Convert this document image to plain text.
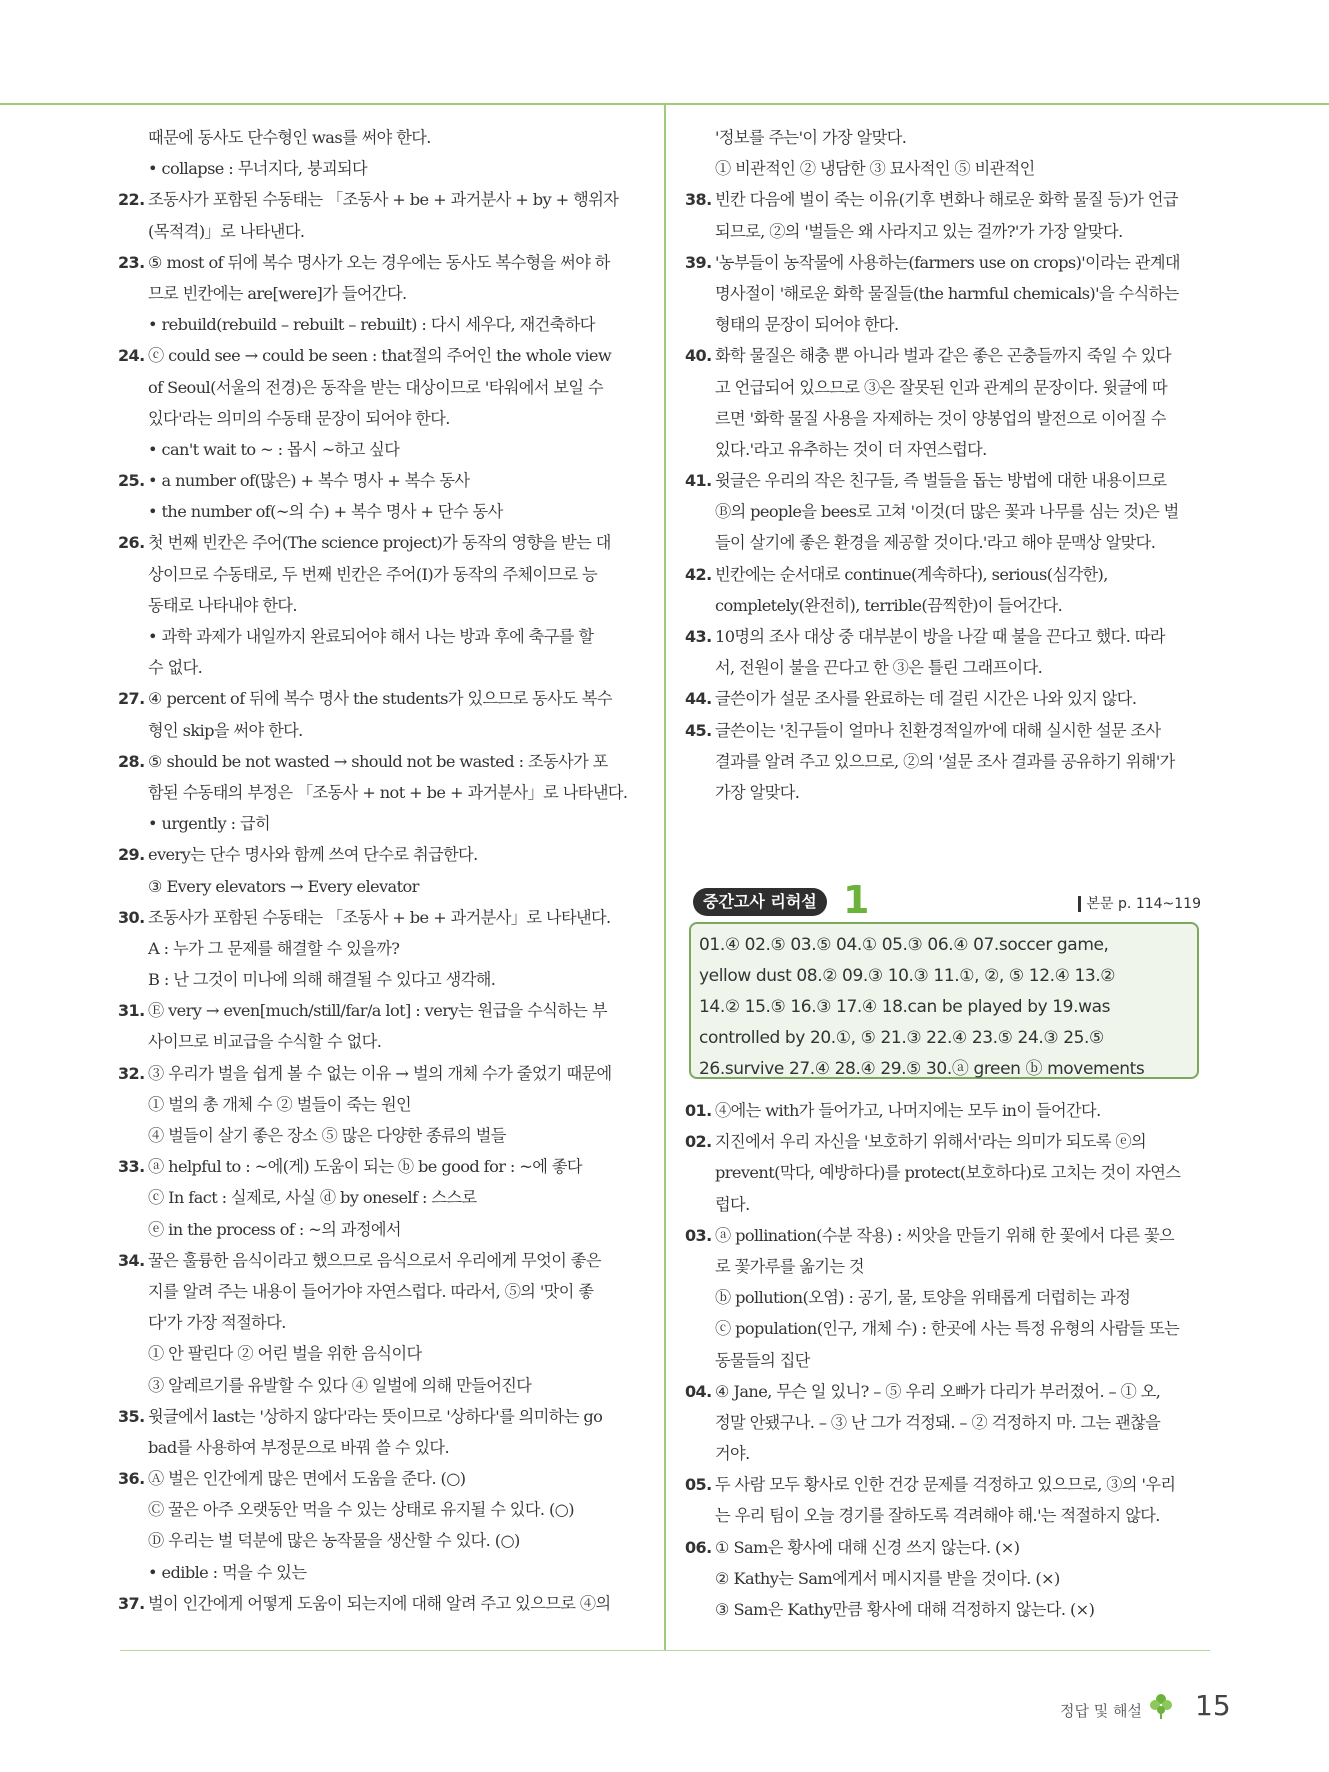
때문에 동사도 단수형인 was를 써야 한다.
• collapse : 무너지다, 붕괴되다
22. 조동사가 포함된 수동태는 「조동사 + be + 과거분사 + by + 행위자
(목적격)」로 나타낸다.
23. ⑤ most of 뒤에 복수 명사가 오는 경우에는 동사도 복수형을 써야 하
므로 빈칸에는 are[were]가 들어간다.
• rebuild(rebuild – rebuilt – rebuilt) : 다시 세우다, 재건축하다
24. ⓒ could see → could be seen : that절의 주어인 the whole view
of Seoul(서울의 전경)은 동작을 받는 대상이므로 '타워에서 보일 수
있다'라는 의미의 수동태 문장이 되어야 한다.
• can't wait to ~ : 몹시 ~하고 싶다
25. • a number of(많은) + 복수 명사 + 복수 동사
• the number of(~의 수) + 복수 명사 + 단수 동사
26. 첫 번째 빈칸은 주어(The science project)가 동작의 영향을 받는 대
상이므로 수동태로, 두 번째 빈칸은 주어(I)가 동작의 주체이므로 능
동태로 나타내야 한다.
• 과학 과제가 내일까지 완료되어야 해서 나는 방과 후에 축구를 할
수 없다.
27. ④ percent of 뒤에 복수 명사 the students가 있으므로 동사도 복수
형인 skip을 써야 한다.
28. ⑤ should be not wasted → should not be wasted : 조동사가 포
함된 수동태의 부정은 「조동사 + not + be + 과거분사」로 나타낸다.
• urgently : 급히
29. every는 단수 명사와 함께 쓰여 단수로 취급한다.
③ Every elevators → Every elevator
30. 조동사가 포함된 수동태는 「조동사 + be + 과거분사」로 나타낸다.
A : 누가 그 문제를 해결할 수 있을까?
B : 난 그것이 미나에 의해 해결될 수 있다고 생각해.
31. Ⓔ very → even[much/still/far/a lot] : very는 원급을 수식하는 부
사이므로 비교급을 수식할 수 없다.
32. ③ 우리가 벌을 쉽게 볼 수 없는 이유 → 벌의 개체 수가 줄었기 때문에
① 벌의 총 개체 수 ② 벌들이 죽는 원인
④ 벌들이 살기 좋은 장소 ⑤ 많은 다양한 종류의 벌들
33. ⓐ helpful to : ~에(게) 도움이 되는 ⓑ be good for : ~에 좋다
ⓒ In fact : 실제로, 사실 ⓓ by oneself : 스스로
ⓔ in the process of : ~의 과정에서
34. 꿀은 훌륭한 음식이라고 했으므로 음식으로서 우리에게 무엇이 좋은
지를 알려 주는 내용이 들어가야 자연스럽다. 따라서, ⑤의 '맛이 좋
다'가 가장 적절하다.
① 안 팔린다 ② 어린 벌을 위한 음식이다
③ 알레르기를 유발할 수 있다 ④ 일벌에 의해 만들어진다
35. 윗글에서 last는 '상하지 않다'라는 뜻이므로 '상하다'를 의미하는 go
bad를 사용하여 부정문으로 바꿔 쓸 수 있다.
36. Ⓐ 벌은 인간에게 많은 면에서 도움을 준다. (○)
Ⓒ 꿀은 아주 오랫동안 먹을 수 있는 상태로 유지될 수 있다. (○)
Ⓓ 우리는 벌 덕분에 많은 농작물을 생산할 수 있다. (○)
• edible : 먹을 수 있는
37. 벌이 인간에게 어떻게 도움이 되는지에 대해 알려 주고 있으므로 ④의
'정보를 주는'이 가장 알맞다.
① 비관적인 ② 냉담한 ③ 묘사적인 ⑤ 비관적인
38. 빈칸 다음에 벌이 죽는 이유(기후 변화나 해로운 화학 물질 등)가 언급
되므로, ②의 '벌들은 왜 사라지고 있는 걸까?'가 가장 알맞다.
39. '농부들이 농작물에 사용하는(farmers use on crops)'이라는 관계대
명사절이 '해로운 화학 물질들(the harmful chemicals)'을 수식하는
형태의 문장이 되어야 한다.
40. 화학 물질은 해충 뿐 아니라 벌과 같은 좋은 곤충들까지 죽일 수 있다
고 언급되어 있으므로 ③은 잘못된 인과 관계의 문장이다. 윗글에 따
르면 '화학 물질 사용을 자제하는 것이 양봉업의 발전으로 이어질 수
있다.'라고 유추하는 것이 더 자연스럽다.
41. 윗글은 우리의 작은 친구들, 즉 벌들을 돕는 방법에 대한 내용이므로
Ⓑ의 people을 bees로 고쳐 '이것(더 많은 꽃과 나무를 심는 것)은 벌
들이 살기에 좋은 환경을 제공할 것이다.'라고 해야 문맥상 알맞다.
42. 빈칸에는 순서대로 continue(계속하다), serious(심각한),
completely(완전히), terrible(끔찍한)이 들어간다.
43. 10명의 조사 대상 중 대부분이 방을 나갈 때 불을 끈다고 했다. 따라
서, 전원이 불을 끈다고 한 ③은 틀린 그래프이다.
44. 글쓴이가 설문 조사를 완료하는 데 걸린 시간은 나와 있지 않다.
45. 글쓴이는 '친구들이 얼마나 친환경적일까'에 대해 실시한 설문 조사
결과를 알려 주고 있으므로, ②의 '설문 조사 결과를 공유하기 위해'가
가장 알맞다.
중간고사 리허설 1	본문 p. 114~119
01.④ 02.⑤ 03.⑤ 04.① 05.③ 06.④ 07.soccer game,
yellow dust 08.② 09.③ 10.③ 11.①, ②, ⑤ 12.④ 13.②
14.② 15.⑤ 16.③ 17.④ 18.can be played by 19.was
controlled by 20.①, ⑤ 21.③ 22.④ 23.⑤ 24.③ 25.⑤
26.survive 27.④ 28.④ 29.⑤ 30.ⓐ green ⓑ movements
01. ④에는 with가 들어가고, 나머지에는 모두 in이 들어간다.
02. 지진에서 우리 자신을 '보호하기 위해서'라는 의미가 되도록 ⓔ의
prevent(막다, 예방하다)를 protect(보호하다)로 고치는 것이 자연스
럽다.
03. ⓐ pollination(수분 작용) : 씨앗을 만들기 위해 한 꽃에서 다른 꽃으
로 꽃가루를 옮기는 것
ⓑ pollution(오염) : 공기, 물, 토양을 위태롭게 더럽히는 과정
ⓒ population(인구, 개체 수) : 한곳에 사는 특정 유형의 사람들 또는
동물들의 집단
04. ④ Jane, 무슨 일 있니? – ⑤ 우리 오빠가 다리가 부러졌어. – ① 오,
정말 안됐구나. – ③ 난 그가 걱정돼. – ② 걱정하지 마. 그는 괜찮을
거야.
05. 두 사람 모두 황사로 인한 건강 문제를 걱정하고 있으므로, ③의 '우리
는 우리 팀이 오늘 경기를 잘하도록 격려해야 해.'는 적절하지 않다.
06. ① Sam은 황사에 대해 신경 쓰지 않는다. (×)
② Kathy는 Sam에게서 메시지를 받을 것이다. (×)
③ Sam은 Kathy만큼 황사에 대해 걱정하지 않는다. (×)
정답 및 해설 15
